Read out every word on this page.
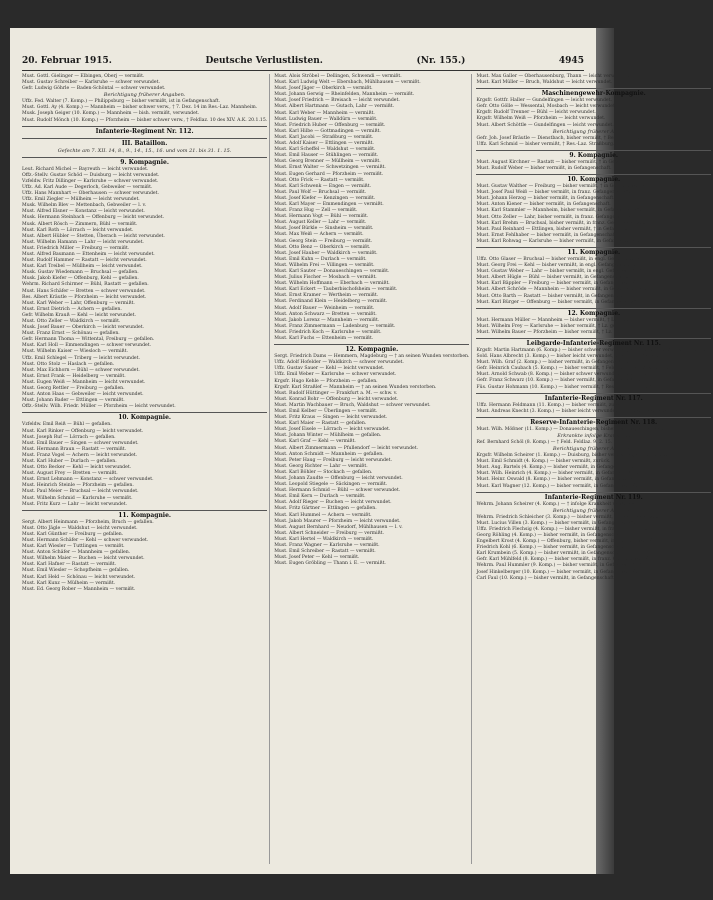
20. Februar 1915.	Deutsche Verlustlisten.	(Nr. 155.)	4945
Must. Gottl. Gielinger — Elbingen, Oberj — vermißt.
Must. Gustav Schreiber — Karlsruhe — schwer verwundet.
Gefr. Ludwig Göhrle — Baden-Schöntal — schwer verwundet.
Berichtigung früherer Angaben.
Uffz. Fed. Walter (7. Komp.) — Philippsburg — bisher vermißt, ist in Gefangenschaft.
Must. Gottl. Ay (4. Komp.) — Mannheim — bisher schwer verw., † 7. Dez. 14 im Res.-Laz. Mannheim.
Musk. Joseph Geiger (10. Komp.) — Mannheim — bish. vermißt, verwundet.
Must. Rudolf Mönch (10. Komp.) — Pforzheim — bisher schwer verw., † Feldlaz. 10 des XIV. A.K. 20.1.15.
Infanterie-Regiment Nr. 112.
III. Bataillon.
Gefechte am 7. XII. 14, 8., 9., 14., 15., 16. und vom 21. bis 31. 1. 15.
9. Kompagnie.
Leut. Richard Michel — Bayreuth — leicht verwundet.
Offz.-Stellv. Gustav Schöd — Duisburg — leicht verwundet.
Vzfeldw. Fritz Dillinger — Karlsruhe — schwer verwundet.
Uffz. Ad. Karl Aude — Degerloch, Gebweiler — vermißt.
Uffz. Hans Mannhart — Oberhausen — schwer verwundet.
Uffz. Emil Ziegler — Mülheim — leicht verwundet.
Musk. Wilhelm Blev — Mettenbach, Gebweiler — l. v.
Must. Alfred Elsner — Konstanz — leicht verwundet.
Musk. Hermann Steinbach — Offenburg — leicht verwundet.
Musk. Albert Rösch — Zimmern, Bühl — vermißt.
Must. Karl Roth — Lörrach — leicht verwundet.
Must. Albert Hübler — Stetten, Überach — leicht verwundet.
Must. Wilhelm Hamann — Lahr — leicht verwundet.
Must. Friedrich Miller — Freiburg — vermißt.
Must. Alfred Baumann — Ettenheim — leicht verwundet.
Must. Rudolf Hammer — Rastatt — leicht verwundet.
Must. Karl Treibel — Müllheim — leicht verwundet.
Musk. Gustav Wiedemann — Bruchsal — gefallen.
Musk. Jakob Kiefer — Offenburg, Kehl — gefallen.
Wehrm. Richard Schirmer — Bühl, Rastatt — gefallen.
Must. Hans Schäfer — Bretten — schwer verwundet.
Res. Albert Kräutle — Pforzheim — leicht verwundet.
Must. Karl Weber — Lahr, Offenburg — vermißt.
Must. Ernst Dietrich — Achern — gefallen.
Gefr. Wilhelm Krauß — Kehl — leicht verwundet.
Must. Otto Zeller — Waldkirch — vermißt.
Musk. Josef Bauer — Oberkirch — leicht verwundet.
Must. Franz Ernst — Schönau — gefallen.
Gefr. Hermann Thoma — Wittental, Freiburg — gefallen.
Must. Karl Holl — Emmendingen — schwer verwundet.
Must. Wilhelm Kaiser — Wiesloch — vermißt.
Uffz. Emil Schlegel — Triberg — leicht verwundet.
Must. Otto Stolz — Haslach — gefallen.
Must. Max Eichhorn — Bühl — schwer verwundet.
Must. Ernst Frank — Heidelberg — vermißt.
Must. Eugen Weiß — Mannheim — leicht verwundet.
Must. Georg Rettler — Freiburg — gefallen.
Must. Anton Haas — Gebweiler — leicht verwundet.
Must. Johann Bader — Ettlingen — vermißt.
Offz.-Stellv. Wilh. Friedr. Müller — Pforzheim — leicht verwundet.
10. Kompagnie.
Vzfeldw. Emil Reiß — Bühl — gefallen.
Must. Karl Rinker — Offenburg — leicht verwundet.
Must. Joseph Ruf — Lörrach — gefallen.
Must. Emil Bauer — Singen — schwer verwundet.
Must. Hermann Braun — Rastatt — vermißt.
Must. Franz Vogel — Achern — leicht verwundet.
Must. Karl Huber — Durlach — gefallen.
Must. Otto Becker — Kehl — leicht verwundet.
Must. August Frey — Bretten — vermißt.
Must. Ernst Lehmann — Konstanz — schwer verwundet.
Must. Heinrich Steinle — Pforzheim — gefallen.
Must. Paul Meier — Bruchsal — leicht verwundet.
Must. Wilhelm Schmid — Karlsruhe — vermißt.
Must. Fritz Kurz — Lahr — leicht verwundet.
11. Kompagnie.
Sergt. Albert Heinmann — Pforzheim, Bruch — gefallen.
Must. Otto Jägle — Waldshut — leicht verwundet.
Must. Karl Günther — Freiburg — gefallen.
Must. Hermann Schäfer — Kehl — schwer verwundet.
Must. Karl Wiesler — Tuttlingen — vermißt.
Must. Anton Schäfer — Mannheim — gefallen.
Must. Wilhelm Maier — Buchen — leicht verwundet.
Must. Karl Hafner — Rastatt — vermißt.
Must. Emil Wiesler — Schopfheim — gefallen.
Must. Karl Held — Schönau — leicht verwundet.
Must. Karl Kunz — Mülheim — vermißt.
Must. Ed. Georg Rober — Mannheim — vermißt.
Must. Alois Ströbel — Dellingen, Schwendi — vermißt.
Must. Karl Ludwig Welt — Ebersbach, Mühlhausen — vermißt.
Must. Josef Jäger — Oberkirch — vermißt.
Must. Johann Gerwig — Rheinfelden, Mannheim — vermißt.
Must. Josef Friedrich — Breisach — leicht verwundet.
Must. Albert Hartmann — Gutach, Lahr — vermißt.
Must. Karl Weber — Mannheim — vermißt.
Must. Ludwig Bauer — Walldürn — vermißt.
Must. Friedrich Huber — Offenburg — vermißt.
Must. Karl Hilbe — Gottmadingen — vermißt.
Must. Karl Jacobi — Straßburg — vermißt.
Must. Adolf Kaiser — Ettlingen — vermißt.
Must. Karl Scheffel — Waldshut — vermißt.
Must. Emil Hauser — Stühlingen — vermißt.
Must. Georg Brenner — Müllheim — vermißt.
Must. Ernst Walter — Schwetzingen — vermißt.
Must. Eugen Gerhard — Pforzheim — vermißt.
Must. Otto Frick — Rastatt — vermißt.
Must. Karl Schwenk — Engen — vermißt.
Must. Paul Wolf — Bruchsal — vermißt.
Must. Josef Kiefer — Kenzingen — vermißt.
Must. Karl Mayer — Emmendingen — vermißt.
Must. Franz Hug — Zell — vermißt.
Must. Hermann Vogt — Bühl — vermißt.
Must. August Keller — Lahr — vermißt.
Must. Josef Bürkle — Sinsheim — vermißt.
Must. Max Weiß — Achern — vermißt.
Must. Georg Stein — Freiburg — vermißt.
Must. Otto Benz — Oberkirch — vermißt.
Must. Josef Hauber — Waldkirch — vermißt.
Must. Emil Kuhn — Durlach — vermißt.
Must. Wilhelm Frei — Villingen — vermißt.
Must. Karl Sauter — Donaueschingen — vermißt.
Must. Julius Fischer — Mosbach — vermißt.
Must. Wilhelm Hoffmann — Eberbach — vermißt.
Must. Karl Eckert — Tauberbischofsheim — vermißt.
Must. Ernst Kramer — Wertheim — vermißt.
Must. Ferdinand Klein — Heidelberg — vermißt.
Must. Adolf Bauer — Weinheim — vermißt.
Must. Anton Schwarz — Bretten — vermißt.
Must. Jakob Lorenz — Mannheim — vermißt.
Must. Franz Zimmermann — Ladenburg — vermißt.
Must. Friedrich Koch — Karlsruhe — vermißt.
Must. Karl Fuchs — Ettenheim — vermißt.
12. Kompagnie.
Sergt. Friedrich Dams — Hemmern, Magdeburg — † an seinen Wunden verstorben.
Uffz. Adolf Hofelder — Waldkirch — schwer verwundet.
Uffz. Gustav Sauer — Kehl — leicht verwundet.
Uffz. Emil Weber — Karlsruhe — schwer verwundet.
Krgsfr. Hugo Kehle — Pforzheim — gefallen.
Krgsfr. Karl Straßlef — Mannheim — † an seinen Wunden verstorben.
Must. Rudolf Hüttinger — Frankfurt a. M. — schw. v.
Must. Konrad Bohr — Offenburg — leicht verwundet.
Must. Martin Wachbauer — Bruch, Waldshut — schwer verwundet.
Must. Emil Kelber — Überlingen — vermißt.
Must. Fritz Kraus — Singen — leicht verwundet.
Must. Karl Maier — Rastatt — gefallen.
Must. Josef Eisele — Lörrach — leicht verwundet.
Must. Johann Winter — Mühlheim — gefallen.
Must. Karl Graf — Kehl — vermißt.
Must. Albert Zimmermann — Pfullendorf — leicht verwundet.
Must. Anton Schmidt — Mannheim — gefallen.
Must. Peter Haug — Freiburg — leicht verwundet.
Must. Georg Richter — Lahr — vermißt.
Must. Karl Böhler — Stockach — gefallen.
Must. Johann Zaudte — Offenburg — leicht verwundet.
Must. Leopold Stiegele — Säckingen — vermißt.
Must. Hermann Schmid — Bühl — schwer verwundet.
Must. Emil Kern — Durlach — vermißt.
Must. Adolf Rieger — Buchen — leicht verwundet.
Must. Fritz Gärtner — Ettlingen — gefallen.
Must. Karl Hummel — Achern — vermißt.
Must. Jakob Maurer — Pforzheim — leicht verwundet.
Must. August Bernhard — Neudorf, Mühlhausen — l. v.
Must. Albert Schneider — Freiburg — vermißt.
Must. Karl Hertel — Waldkirch — vermißt.
Must. Franz Wagner — Karlsruhe — vermißt.
Must. Emil Schreiber — Rastatt — vermißt.
Must. Josef Peter — Kehl — vermißt.
Must. Eugen Gröbling — Thann i. E. — vermißt.
Must. Max Galler — Oberhausenburg, Thann — leicht verwundet.
Must. Karl Müller — Bruch, Waldshut — leicht verwundet.
Maschinengewehr-Kompagnie.
Krgsfr. Gottfr. Haller — Gundelfingen — leicht verwundet.
Gefr. Otto Gölle — Wessental, Mosbach — leicht verwundet.
Krgsfr. Rudolf Trenner — Bühl — leicht verwundet.
Krgsfr. Wilhelm Weiß — Pforzheim — leicht verwundet.
Must. Albert Schöttle — Gundelfingen — leicht verwundet.
Berichtigung früherer Angaben.
Gefr. Joh. Josef Bräutle — Dienstbach, bisher vermißt, † Berlau 12. 12. 14.
Uffz. Karl Schmid — bisher vermißt, † Res.-Laz. Straßburg.
9. Kompagnie.
Must. August Kirchner — Rastatt — bisher vermißt, † in Gefangenschaft.
Must. Rudolf Weber — bisher vermißt, in Gefangenschaft.
10. Kompagnie.
Must. Gustav Walther — Freiburg — bisher vermißt, † in Gefangenschaft.
Must. Josef Paul Weiß — bisher vermißt, in franz. Gefangenschaft.
Must. Johann Herzog — bisher vermißt, in Gefangenschaft.
Must. Anton Kiener — bisher vermißt, in Gefangenschaft.
Must. Karl Stammler — Mannheim, bisher vermißt, in Gefangenschaft.
Must. Otto Zeller — Lahr, bisher vermißt, in franz. Gefangenschaft.
Must. Karl Brehm — Bruchsal, bisher vermißt, in franz. Gefangenschaft.
Must. Paul Reinhard — Ettlingen, bisher vermißt, † in Gefangenschaft.
Must. Ernst Fehlhaber — bisher vermißt, in Gefangenschaft.
Must. Karl Rohwag — Karlsruhe — bisher vermißt, in Gefangenschaft.
11. Kompagnie.
Uffz. Otto Glaser — Bruchsal — bisher vermißt, in engl. Gefangenschaft.
Must. Georg Frei — Kehl — bisher vermißt, in engl. Gefangenschaft.
Must. Gustav Weber — Lahr — bisher vermißt, in engl. Gefangenschaft.
Must. Albert Hügle — Bühl — bisher vermißt, in Gefangenschaft.
Must. Karl Bäppler — Freiburg — bisher vermißt, in Gefangenschaft.
Must. Albert Schröde — Mannheim — bisher vermißt, in Gefangenschaft.
Must. Otto Barth — Rastatt — bisher vermißt, in Gefangenschaft.
Must. Karl Bürger — Offenburg — bisher vermißt, in Gefangenschaft.
12. Kompagnie.
Must. Hermann Müller — Mannheim — bisher vermißt, † Lz. gef.
Must. Wilhelm Frey — Karlsruhe — bisher vermißt, † Lz. gef.
Must. Wilhelm Bauer — Pforzheim — bisher vermißt, † Lz. gef.
Leibgarde-Infanterie-Regiment Nr. 115.
Krgsfr. Martin Hartmann (6. Komp.) — bisher schwer verwundet, † Feldlaz. 8 des XIV. A.K. 30. 1. 15.
Sold. Hans Albrecht (3. Komp.) — bisher leicht verwundet, zurück zur Truppe.
Must. Wilh. Graf (2. Komp.) — bisher vermißt, in Gefangenschaft.
Gefr. Heinrich Caubach (5. Komp.) — bisher vermißt, † Feldlaz. 10 des XIV. A.K. 3. 1. 15.
Must. Arnold Schwab (8. Komp.) — bisher schwer verwundet, gestorben.
Gefr. Franz Schwarz (10. Komp.) — bisher vermißt, in Gefangenschaft.
Füs. Gustav Hohmann (10. Komp.) — bisher vermißt, † Res.-Laz. 10. 11. 14.
Infanterie-Regiment Nr. 117.
Uffz. Hermann Feldmann (11. Komp.) — bisher vermißt, zurück.
Must. Andreas Knecht (3. Komp.) — bisher leicht verwundet, † an Krankheit verstorben.
Reserve-Infanterie-Regiment Nr. 118.
Must. Wilh. Mößner (11. Komp.) — Donaueschingen, bisher vermißt, verwundet.
Erkrankte infolge Krankheit.
Ref. Bernhard Schöl (8. Komp.) — † Feld. Feldlaz. 9. 2. 15.
Berichtigung früherer Angaben.
Krgsfr. Wilhelm Scheirer (1. Komp.) — Duisburg, bisher verwundet, in Gefangenschaft.
Must. Emil Schmidt (4. Komp.) — bisher vermißt, zurück.
Must. Aug. Bartels (4. Komp.) — bisher vermißt, in Gefangenschaft.
Must. Wilh. Heinrich (4. Komp.) — bisher vermißt, in Gefangenschaft.
Must. Heinr. Oswald (8. Komp.) — bisher vermißt, in Gefangenschaft.
Must. Karl Wagner (12. Komp.) — bisher vermißt, in Gefangenschaft.
Infanterie-Regiment Nr. 119.
Wehrm. Johann Scheirer (4. Komp.) — † infolge Krankheit verstorben.
Berichtigung früherer Angaben.
Wehrm. Friedrich Schleicher (3. Komp.) — bisher vermißt, in Gefangenschaft.
Must. Lucius Villen (3. Komp.) — bisher vermißt, in Gefangenschaft.
Uffz. Friedrich Flechsig (4. Komp.) — bisher vermißt, in franz. Gefangenschaft.
Georg Röhling (4. Komp.) — bisher vermißt, in Gefangenschaft.
Engelbert Krost (4. Komp.) — Offenburg, bisher vermißt, in Gefangenschaft.
Friedrich Kohl (6. Komp.) — bisher vermißt, in Gefangenschaft.
Karl Krumbein (5. Komp.) — bisher vermißt, in Gefangenschaft.
Gefr. Karl Mühlfeld (8. Komp.) — bisher vermißt, in franz. Gefangenschaft.
Wehrm. Paul Hummler (9. Komp.) — bisher vermißt, in Gefangenschaft.
Josef Hinkelberger (10. Komp.) — bisher vermißt, in Gefangenschaft.
Carl Faul (10. Komp.) — bisher vermißt, in Gefangenschaft.
